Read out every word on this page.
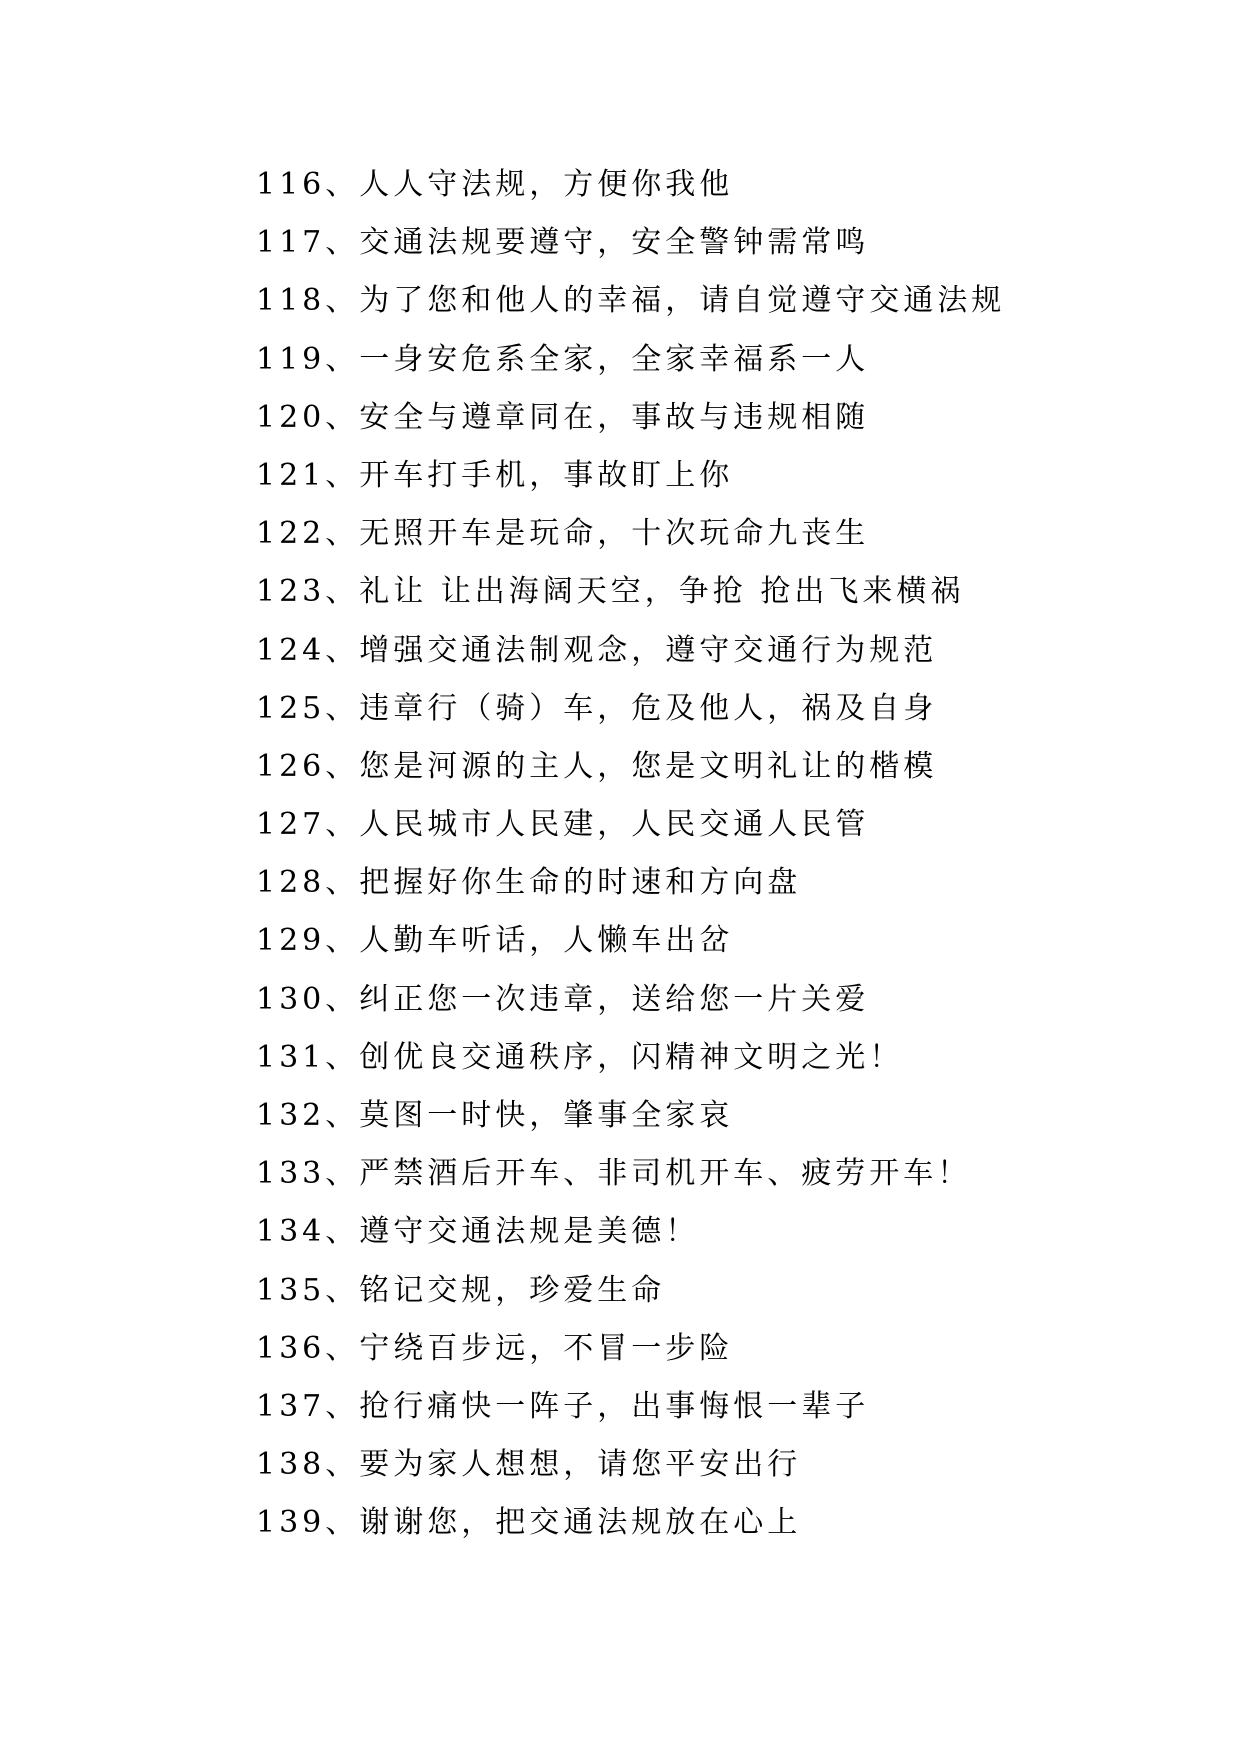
116、人人守法规，方便你我他
117、交通法规要遵守，安全警钟需常鸣
118、为了您和他人的幸福，请自觉遵守交通法规
119、一身安危系全家，全家幸福系一人
120、安全与遵章同在，事故与违规相随
121、开车打手机，事故盯上你
122、无照开车是玩命，十次玩命九丧生
123、礼让 让出海阔天空，争抢 抢出飞来横祸
124、增强交通法制观念，遵守交通行为规范
125、违章行（骑）车，危及他人，祸及自身
126、您是河源的主人，您是文明礼让的楷模
127、人民城市人民建，人民交通人民管
128、把握好你生命的时速和方向盘
129、人勤车听话，人懒车出岔
130、纠正您一次违章，送给您一片关爱
131、创优良交通秩序，闪精神文明之光！
132、莫图一时快，肇事全家哀
133、严禁酒后开车、非司机开车、疲劳开车！
134、遵守交通法规是美德！
135、铭记交规，珍爱生命
136、宁绕百步远，不冒一步险
137、抢行痛快一阵子，出事悔恨一辈子
138、要为家人想想，请您平安出行
139、谢谢您，把交通法规放在心上
